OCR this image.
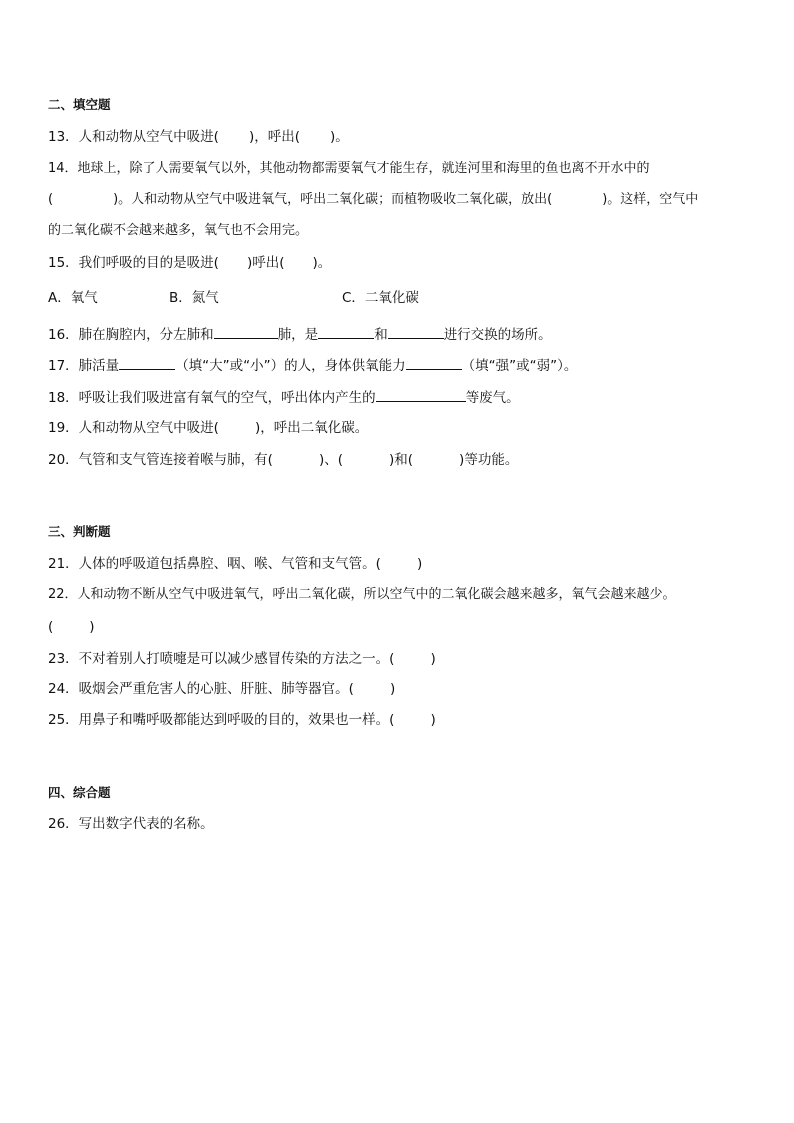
二、填空题
13．人和动物从空气中吸进( )，呼出( )。
14．地球上，除了人需要氧气以外，其他动物都需要氧气才能生存，就连河里和海里的鱼也离不开水中的
(	)。人和动物从空气中吸进氧气，呼出二氧化碳；而植物吸收二氧化碳，放出(	)。这样，空气中
的二氧化碳不会越来越多，氧气也不会用完。
15．我们呼吸的目的是吸进( )呼出( )。
A．氧气	B．氮气	C．二氧化碳
16．肺在胸腔内，分左肺和	肺，是	和	进行交换的场所。
17．肺活量	（填“大”或“小”）的人，身体供氧能力	（填“强”或“弱”）。
18．呼吸让我们吸进富有氧气的空气，呼出体内产生的	等废气。
19．人和动物从空气中吸进(	)，呼出二氧化碳。
20．气管和支气管连接着喉与肺，有(	)、(	)和(	)等功能。
三、判断题
21．人体的呼吸道包括鼻腔、咽、喉、气管和支气管。(	)
22．人和动物不断从空气中吸进氧气，呼出二氧化碳，所以空气中的二氧化碳会越来越多，氧气会越来越少。
(	)
23．不对着别人打喷嚏是可以减少感冒传染的方法之一。(	)
24．吸烟会严重危害人的心脏、肝脏、肺等器官。(	)
25．用鼻子和嘴呼吸都能达到呼吸的目的，效果也一样。(	)
四、综合题
26．写出数字代表的名称。
